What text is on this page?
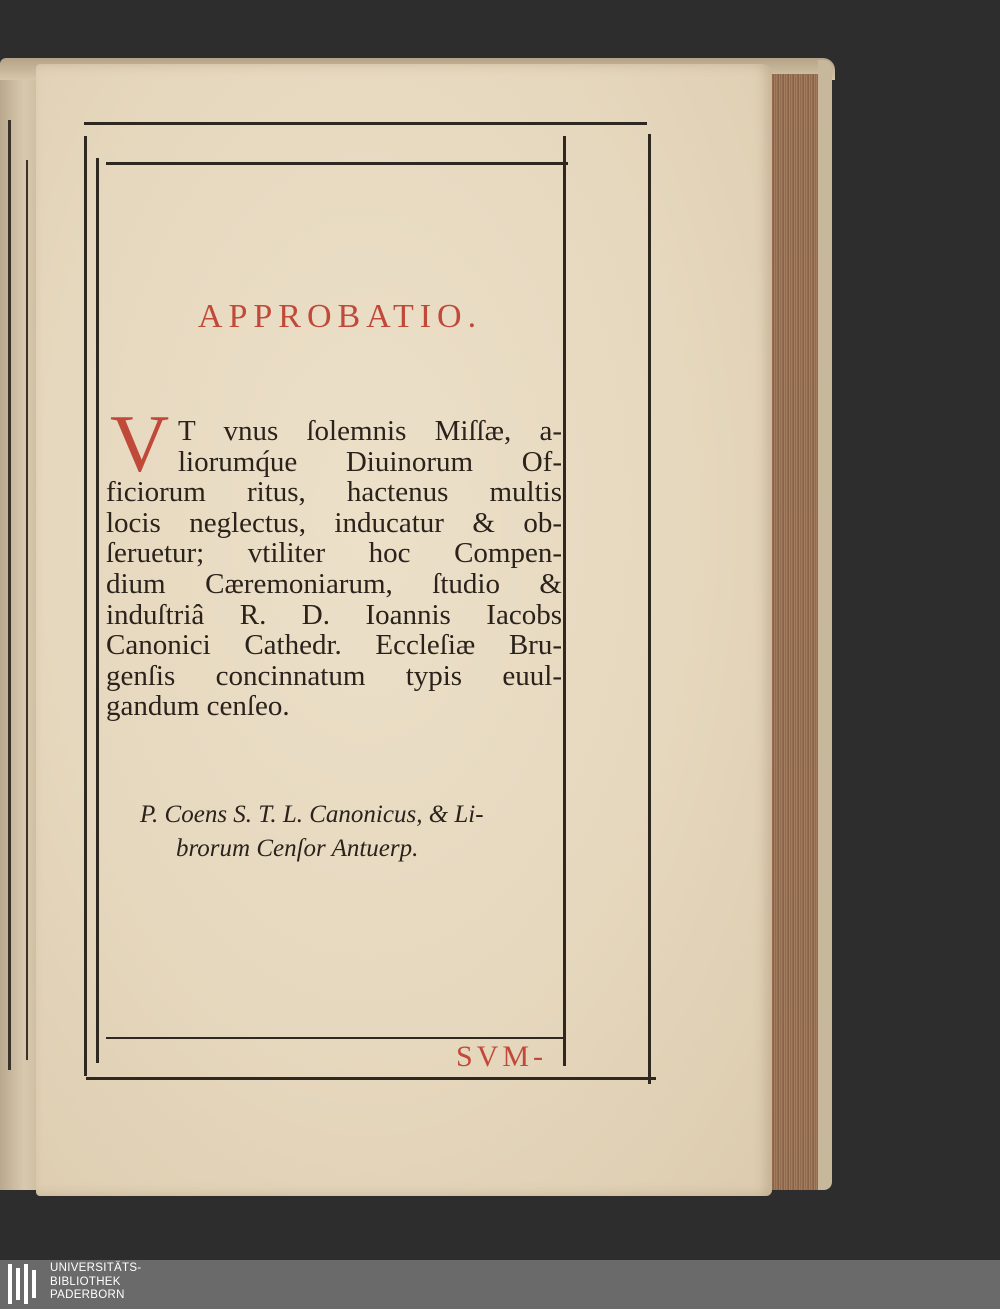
APPROBATIO.
V T vnus ſolemnis Miſſæ, a-
liorumq́ue Diuinorum Of-
ficiorum ritus, hactenus multis
locis neglectus, inducatur & ob-
ſeruetur; vtiliter hoc Compen-
dium Cæremoniarum, ſtudio &
induſtriâ R. D. Ioannis Iacobs
Canonici Cathedr. Eccleſiæ Bru-
genſis concinnatum typis euul-
gandum cenſeo.
P. Coens S. T. L. Canonicus, & Li-
brorum Cenſor Antuerp.
SVM-
UNIVERSITÄTS-
BIBLIOTHEK
PADERBORN
